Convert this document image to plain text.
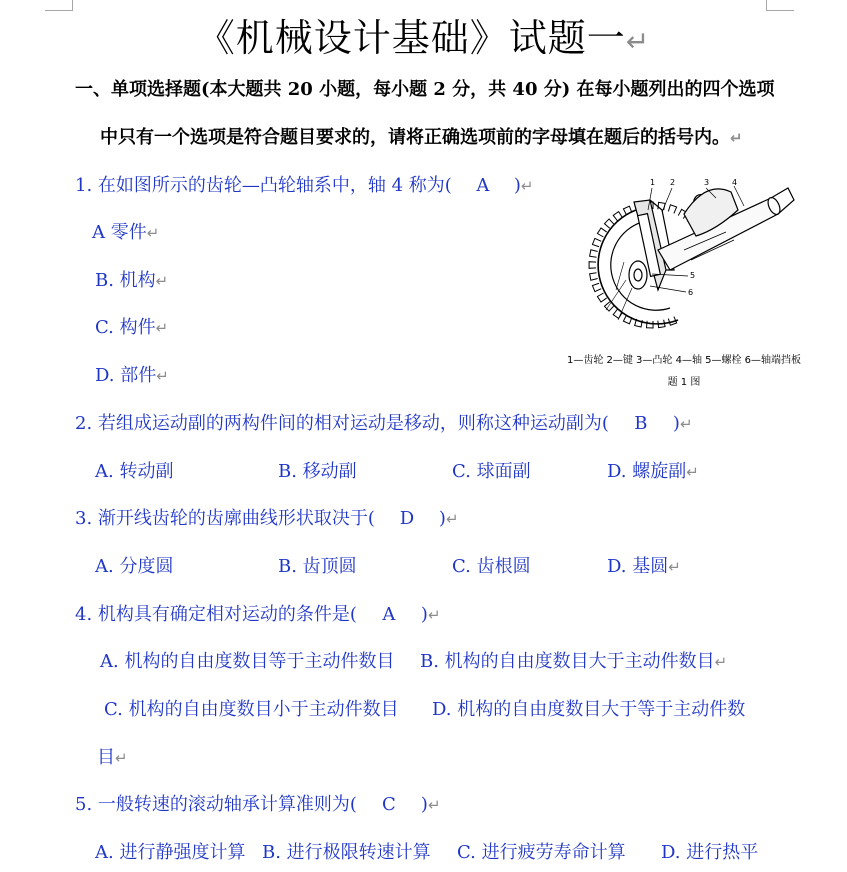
《机械设计基础》试题一↵
一、单项选择题(本大题共 20 小题，每小题 2 分，共 40 分) 在每小题列出的四个选项
中只有一个选项是符合题目要求的，请将正确选项前的字母填在题后的括号内。↵
1. 在如图所示的齿轮—凸轮轴系中，轴 4 称为( A )↵
A 零件↵
B. 机构↵
C. 构件↵
D. 部件↵
1 2	3	4
5
6
1—齿轮 2—键 3—凸轮 4—轴 5—螺栓 6—轴端挡板
题 1 图
2. 若组成运动副的两构件间的相对运动是移动，则称这种运动副为( B )↵
A. 转动副	B. 移动副	C. 球面副	D. 螺旋副↵
3. 渐开线齿轮的齿廓曲线形状取决于( D )↵
A. 分度圆	B. 齿顶圆	C. 齿根圆	D. 基圆↵
4. 机构具有确定相对运动的条件是( A )↵
A. 机构的自由度数目等于主动件数目 B. 机构的自由度数目大于主动件数目↵
C. 机构的自由度数目小于主动件数目 D. 机构的自由度数目大于等于主动件数
目↵
5. 一般转速的滚动轴承计算准则为( C )↵
A. 进行静强度计算 B. 进行极限转速计算 C. 进行疲劳寿命计算 D. 进行热平
